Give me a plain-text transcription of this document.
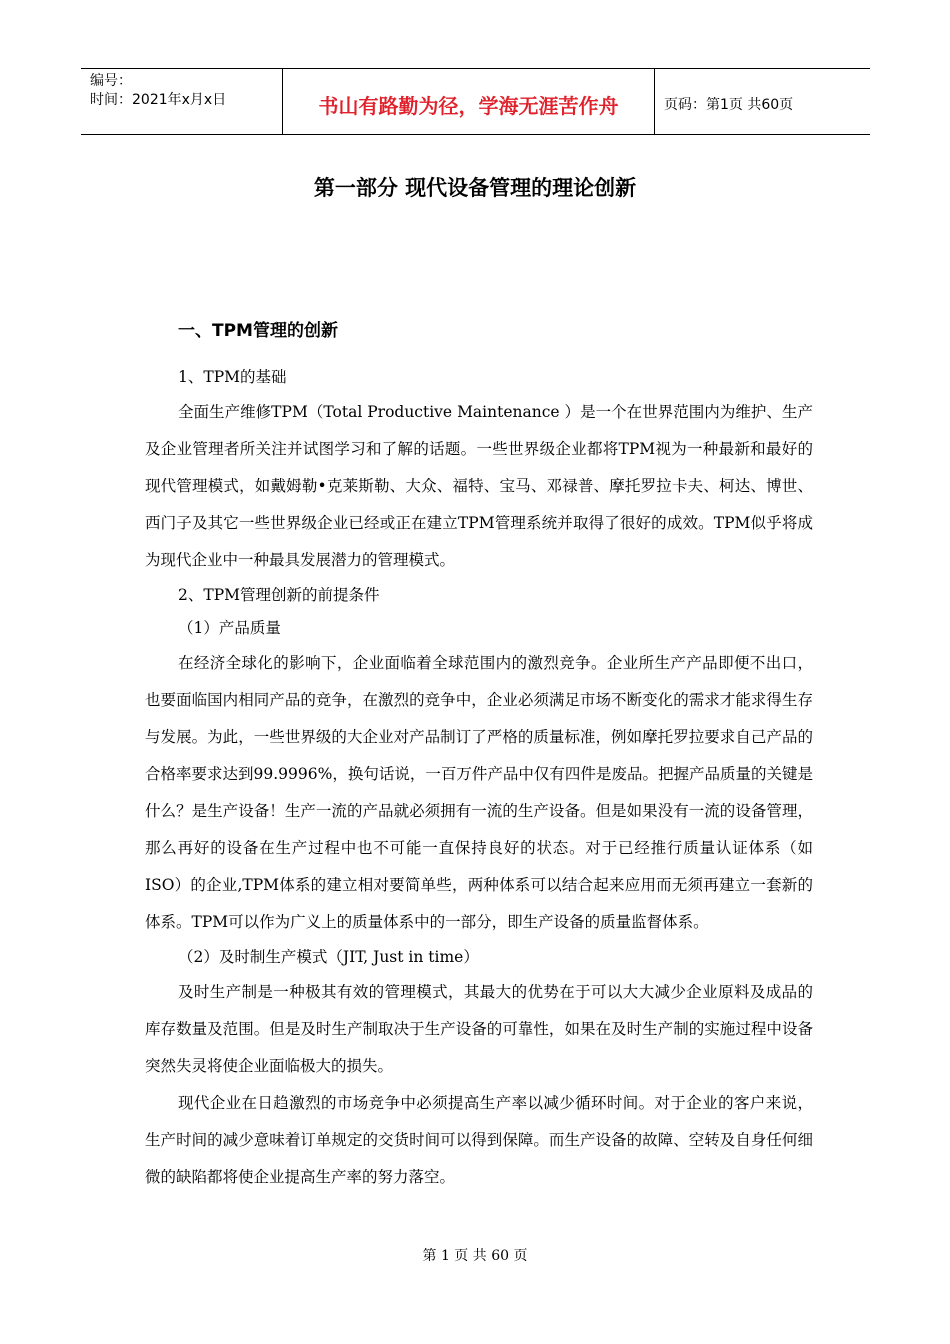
编号：
时间：2021年x月x日	书山有路勤为径，学海无涯苦作舟	页码：第1页 共60页
第一部分 现代设备管理的理论创新
一、TPM管理的创新

1、TPM的基础

全面生产维修TPM（Total Productive Maintenance ）是一个在世界范围内为维护、生产及企业管理者所关注并试图学习和了解的话题。一些世界级企业都将TPM视为一种最新和最好的现代管理模式，如戴姆勒•克莱斯勒、大众、福特、宝马、邓禄普、摩托罗拉卡夫、柯达、博世、西门子及其它一些世界级企业已经或正在建立TPM管理系统并取得了很好的成效。TPM似乎将成为现代企业中一种最具发展潜力的管理模式。

2、TPM管理创新的前提条件

（1）产品质量

在经济全球化的影响下，企业面临着全球范围内的激烈竞争。企业所生产产品即便不出口，也要面临国内相同产品的竞争，在激烈的竞争中，企业必须满足市场不断变化的需求才能求得生存与发展。为此，一些世界级的大企业对产品制订了严格的质量标准，例如摩托罗拉要求自己产品的合格率要求达到99.9996%，换句话说，一百万件产品中仅有四件是废品。把握产品质量的关键是什么？是生产设备！生产一流的产品就必须拥有一流的生产设备。但是如果没有一流的设备管理，那么再好的设备在生产过程中也不可能一直保持良好的状态。对于已经推行质量认证体系（如ISO）的企业,TPM体系的建立相对要简单些，两种体系可以结合起来应用而无须再建立一套新的体系。TPM可以作为广义上的质量体系中的一部分，即生产设备的质量监督体系。

（2）及时制生产模式（JIT, Just in time）

及时生产制是一种极其有效的管理模式，其最大的优势在于可以大大减少企业原料及成品的库存数量及范围。但是及时生产制取决于生产设备的可靠性，如果在及时生产制的实施过程中设备突然失灵将使企业面临极大的损失。

现代企业在日趋激烈的市场竞争中必须提高生产率以减少循环时间。对于企业的客户来说，生产时间的减少意味着订单规定的交货时间可以得到保障。而生产设备的故障、空转及自身任何细微的缺陷都将使企业提高生产率的努力落空。

第 1 页 共 60 页
